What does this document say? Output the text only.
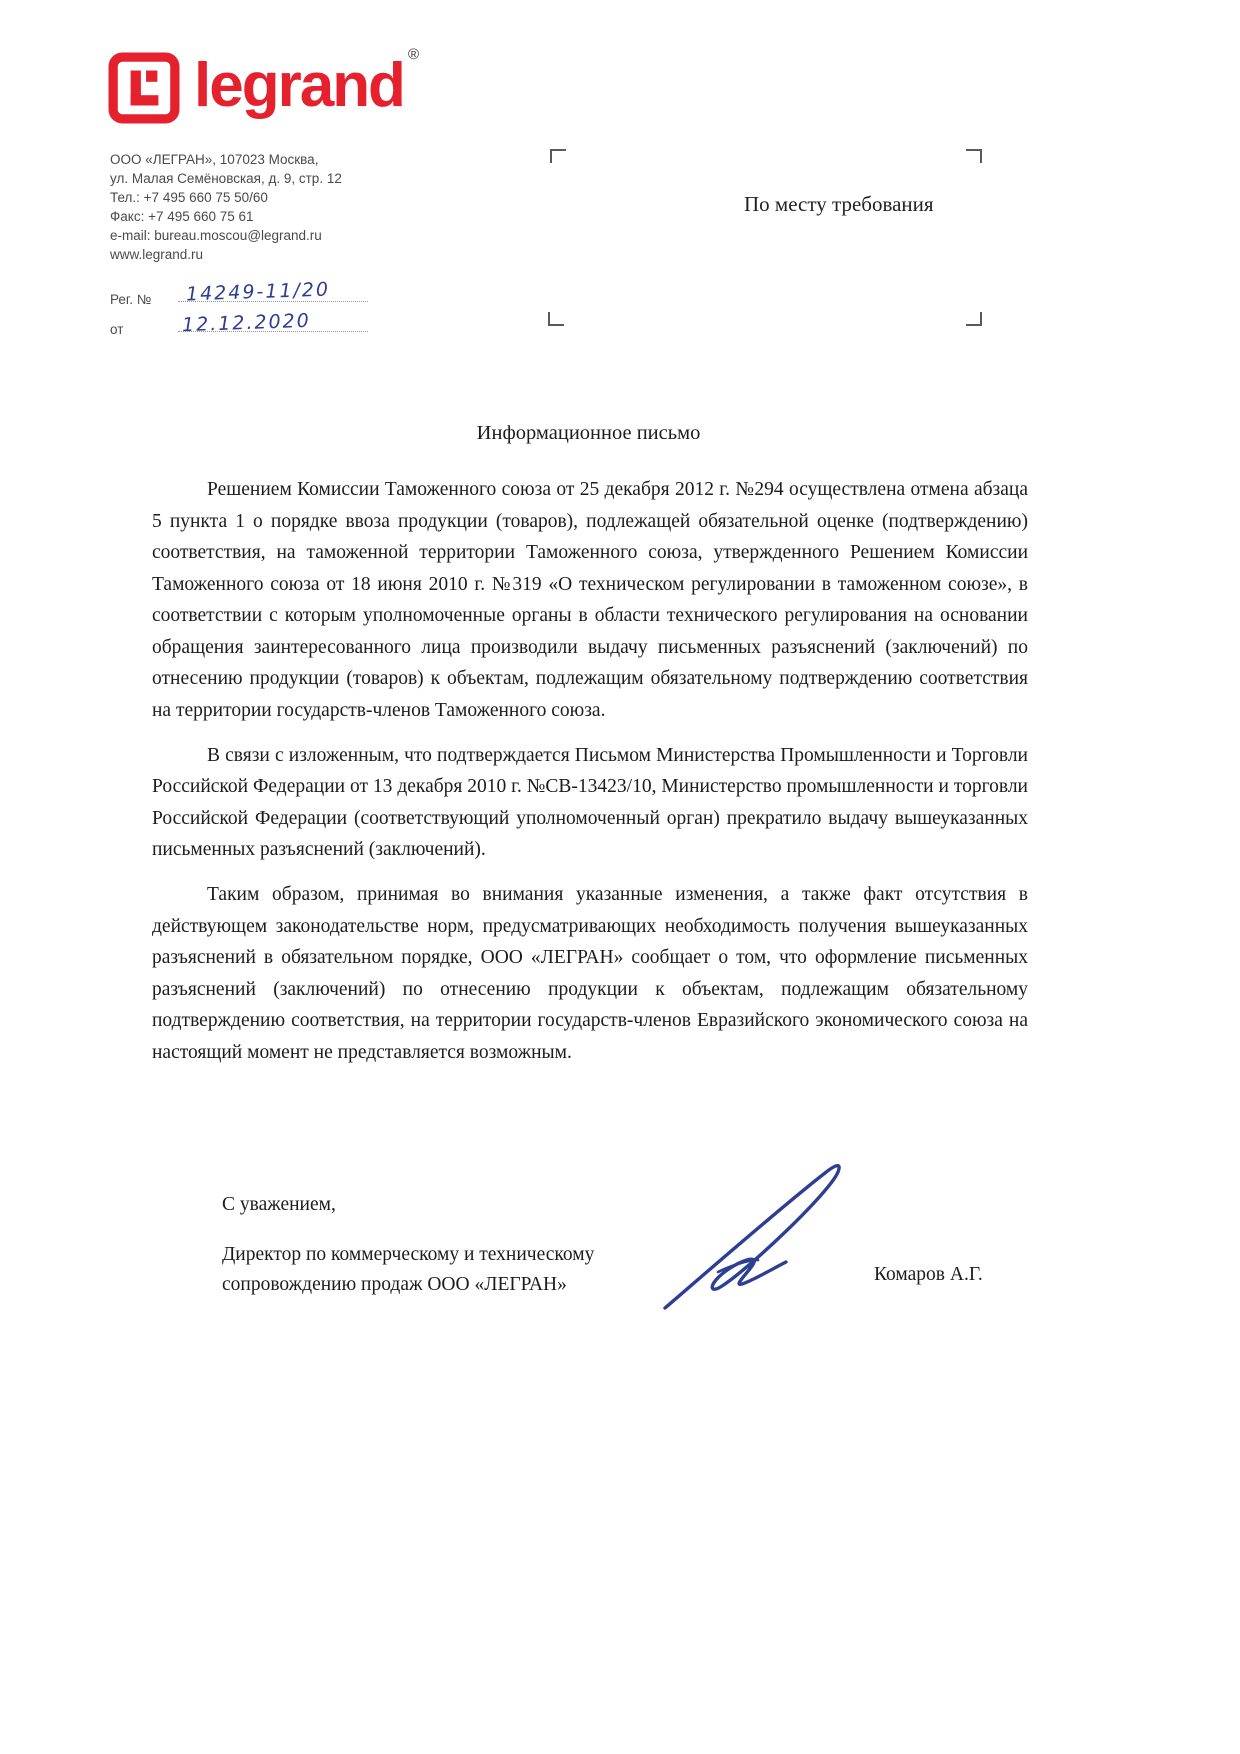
legrand ®
ООО «ЛЕГРАН», 107023 Москва,
ул. Малая Семёновская, д. 9, стр. 12
Тел.: +7 495 660 75 50/60
Факс: +7 495 660 75 61
e-mail: bureau.moscou@legrand.ru
www.legrand.ru
По месту требования
Рег. № 14249-11/20
от	12.12.2020
Информационное письмо

Решением Комиссии Таможенного союза от 25 декабря 2012 г. №294 осуществлена отмена абзаца 5 пункта 1 о порядке ввоза продукции (товаров), подлежащей обязательной оценке (подтверждению) соответствия, на таможенной территории Таможенного союза, утвержденного Решением Комиссии Таможенного союза от 18 июня 2010 г. №319 «О техническом регулировании в таможенном союзе», в соответствии с которым уполномоченные органы в области технического регулирования на основании обращения заинтересованного лица производили выдачу письменных разъяснений (заключений) по отнесению продукции (товаров) к объектам, подлежащим обязательному подтверждению соответствия на территории государств-членов Таможенного союза.

В связи с изложенным, что подтверждается Письмом Министерства Промышленности и Торговли Российской Федерации от 13 декабря 2010 г. №СВ-13423/10, Министерство промышленности и торговли Российской Федерации (соответствующий уполномоченный орган) прекратило выдачу вышеуказанных письменных разъяснений (заключений).

Таким образом, принимая во внимания указанные изменения, а также факт отсутствия в действующем законодательстве норм, предусматривающих необходимость получения вышеуказанных разъяснений в обязательном порядке, ООО «ЛЕГРАН» сообщает о том, что оформление письменных разъяснений (заключений) по отнесению продукции к объектам, подлежащим обязательному подтверждению соответствия, на территории государств-членов Евразийского экономического союза на настоящий момент не представляется возможным.

С уважением,
Директор по коммерческому и техническому
сопровождению продаж ООО «ЛЕГРАН»	Комаров А.Г.
